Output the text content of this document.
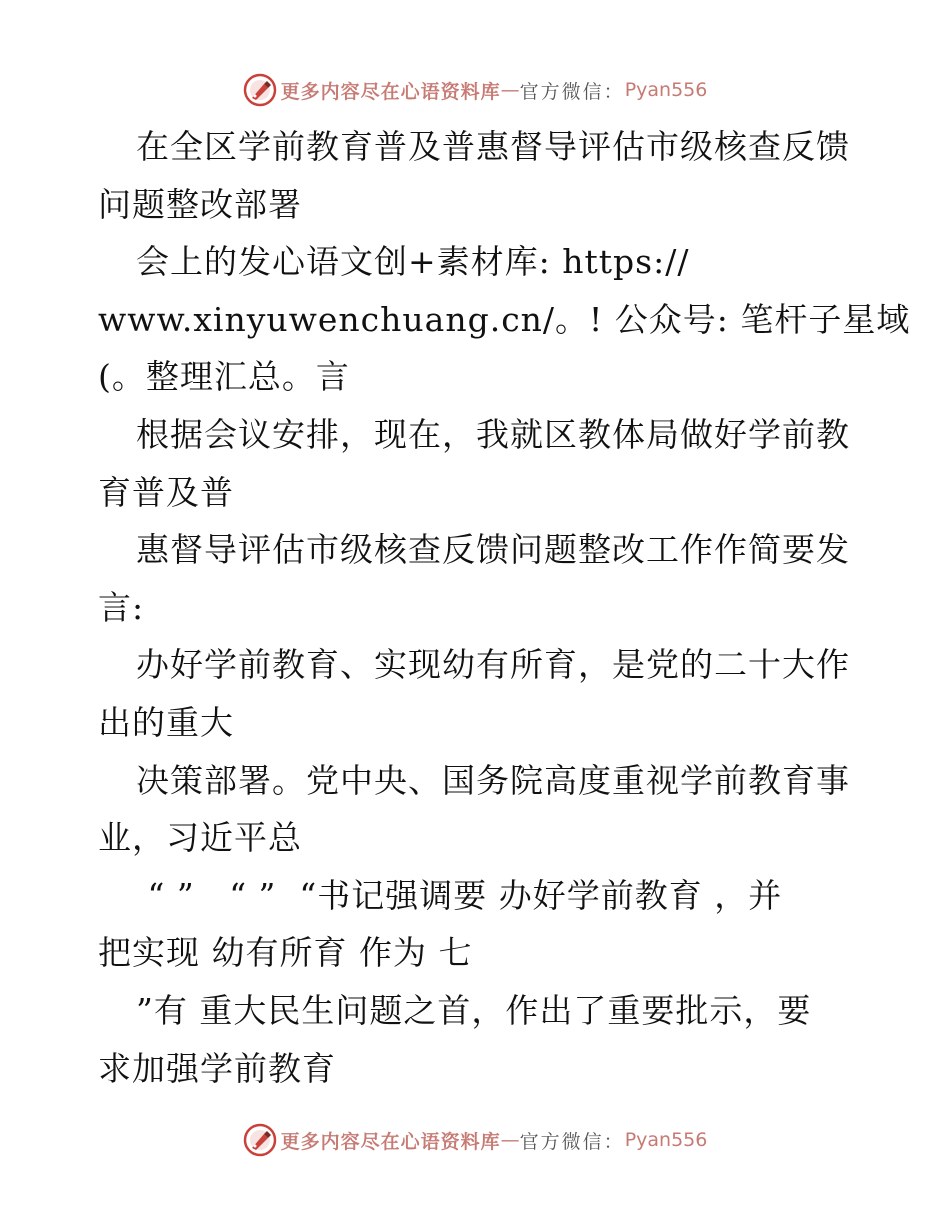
更多内容尽在心语资料库 — 官方微信： Pyan556
在全区学前教育普及普惠督导评估市级核查反馈
问题整改部署
会上的发心语文创+素材库: https://
www.xinyuwenchuang.cn/。! 公众号: 笔杆子星域
(。整理汇总。言
根据会议安排，现在，我就区教体局做好学前教
育普及普
惠督导评估市级核查反馈问题整改工作作简要发
言:
办好学前教育、实现幼有所育，是党的二十大作
出的重大
决策部署。党中央、国务院高度重视学前教育事
业，习近平总
“ ”   “ ”  “书记强调要 办好学前教育 ，并
把实现 幼有所育 作为 七
”有 重大民生问题之首，作出了重要批示，要
求加强学前教育
更多内容尽在心语资料库 — 官方微信： Pyan556
